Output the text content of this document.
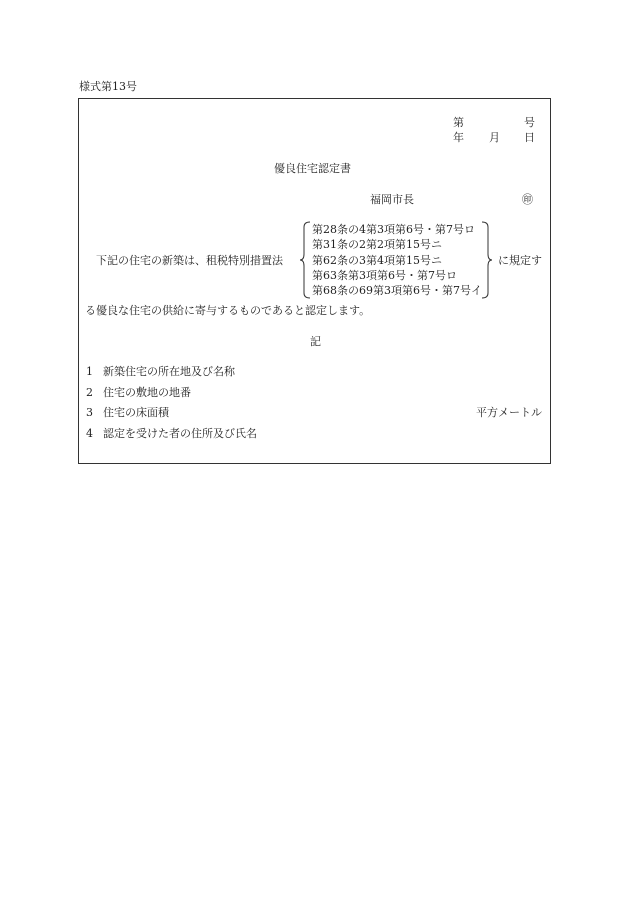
様式第13号
第	号
年 月 日
優良住宅認定書
福岡市長	㊞
下記の住宅の新築は、租税特別措置法	に規定す
第28条の4第3項第6号・第7号ロ
第31条の2第2項第15号ニ
第62条の3第4項第15号ニ
第63条第3項第6号・第7号ロ
第68条の69第3項第6号・第7号イ
る優良な住宅の供給に寄与するものであると認定します。
記
1 新築住宅の所在地及び名称
2 住宅の敷地の地番
3 住宅の床面積	平方メートル
4 認定を受けた者の住所及び氏名
